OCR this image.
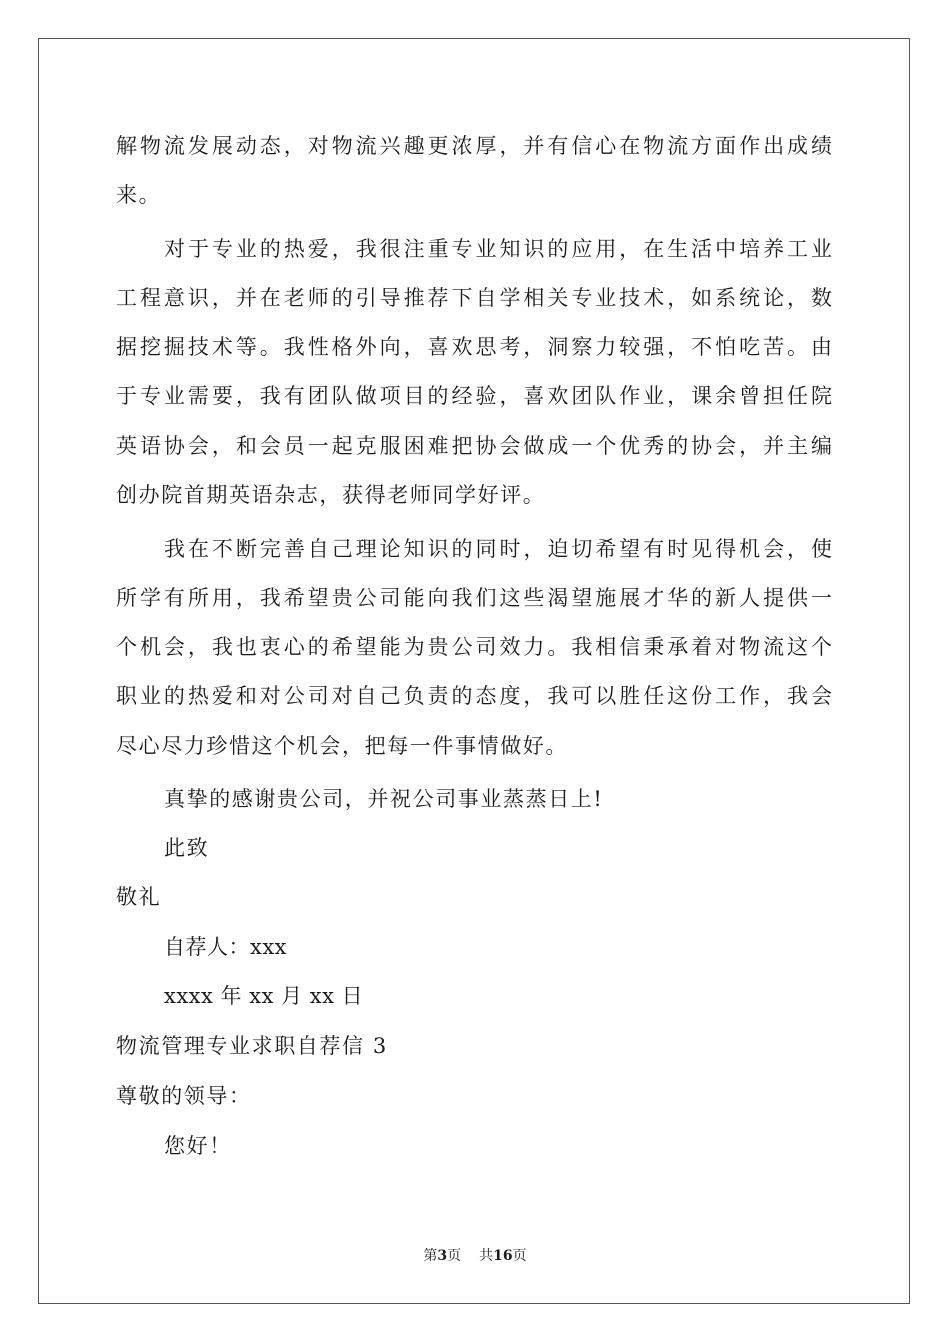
解物流发展动态，对物流兴趣更浓厚，并有信心在物流方面作出成绩
来。
对于专业的热爱，我很注重专业知识的应用，在生活中培养工业
工程意识，并在老师的引导推荐下自学相关专业技术，如系统论，数
据挖掘技术等。我性格外向，喜欢思考，洞察力较强，不怕吃苦。由
于专业需要，我有团队做项目的经验，喜欢团队作业，课余曾担任院
英语协会，和会员一起克服困难把协会做成一个优秀的协会，并主编
创办院首期英语杂志，获得老师同学好评。
我在不断完善自己理论知识的同时，迫切希望有时见得机会，使
所学有所用，我希望贵公司能向我们这些渴望施展才华的新人提供一
个机会，我也衷心的希望能为贵公司效力。我相信秉承着对物流这个
职业的热爱和对公司对自己负责的态度，我可以胜任这份工作，我会
尽心尽力珍惜这个机会，把每一件事情做好。
真挚的感谢贵公司，并祝公司事业蒸蒸日上!
此致
敬礼
自荐人：xxx
xxxx 年 xx 月 xx 日
物流管理专业求职自荐信 3
尊敬的领导：
您好！
第3页 共16页
